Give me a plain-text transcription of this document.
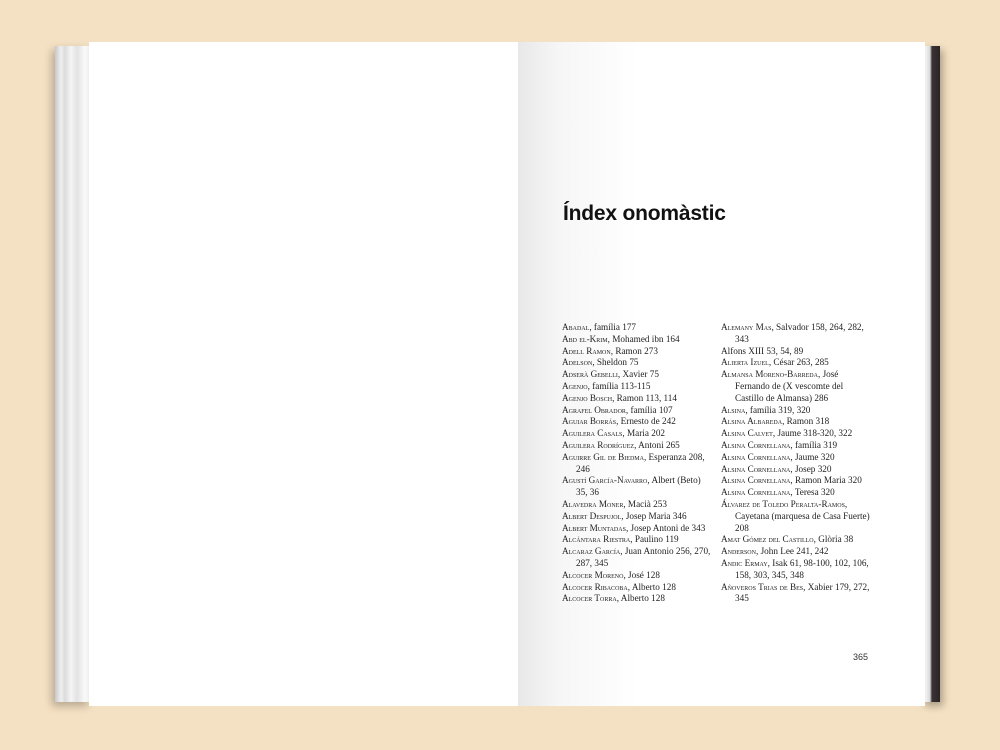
Índex onomàstic
Abadal, família 177
Abd el-Krim, Mohamed ibn 164
Adell Ramon, Ramon 273
Adelson, Sheldon 75
Adserà Gebelli, Xavier 75
Agenjo, família 113-115
Agenjo Bosch, Ramon 113, 114
Agrafel Obrador, família 107
Aguiar Borrás, Ernesto de 242
Aguilera Casals, Maria 202
Aguilera Rodríguez, Antoni 265
Aguirre Gil de Biedma, Esperanza 208, 246
Agustí García-Navarro, Albert (Beto) 35, 36
Alavedra Moner, Macià 253
Albert Despujol, Josep Maria 346
Albert Muntadas, Josep Antoni de 343
Alcántara Riestra, Paulino 119
Alcaraz García, Juan Antonio 256, 270, 287, 345
Alcocer Moreno, José 128
Alcocer Ribacoba, Alberto 128
Alcocer Torra, Alberto 128
Alemany Mas, Salvador 158, 264, 282, 343
Alfons XIII 53, 54, 89
Alierta Izuel, César 263, 285
Almansa Moreno-Barreda, José Fernando de (X vescomte del Castillo de Almansa) 286
Alsina, família 319, 320
Alsina Albareda, Ramon 318
Alsina Calvet, Jaume 318-320, 322
Alsina Cornellana, família 319
Alsina Cornellana, Jaume 320
Alsina Cornellana, Josep 320
Alsina Cornellana, Ramon Maria 320
Alsina Cornellana, Teresa 320
Álvarez de Toledo Peralta-Ramos, Cayetana (marquesa de Casa Fuerte) 208
Amat Gómez del Castillo, Glòria 38
Anderson, John Lee 241, 242
Andic Ermay, Isak 61, 98-100, 102, 106, 158, 303, 345, 348
Añoveros Trias de Bes, Xabier 179, 272, 345
365
